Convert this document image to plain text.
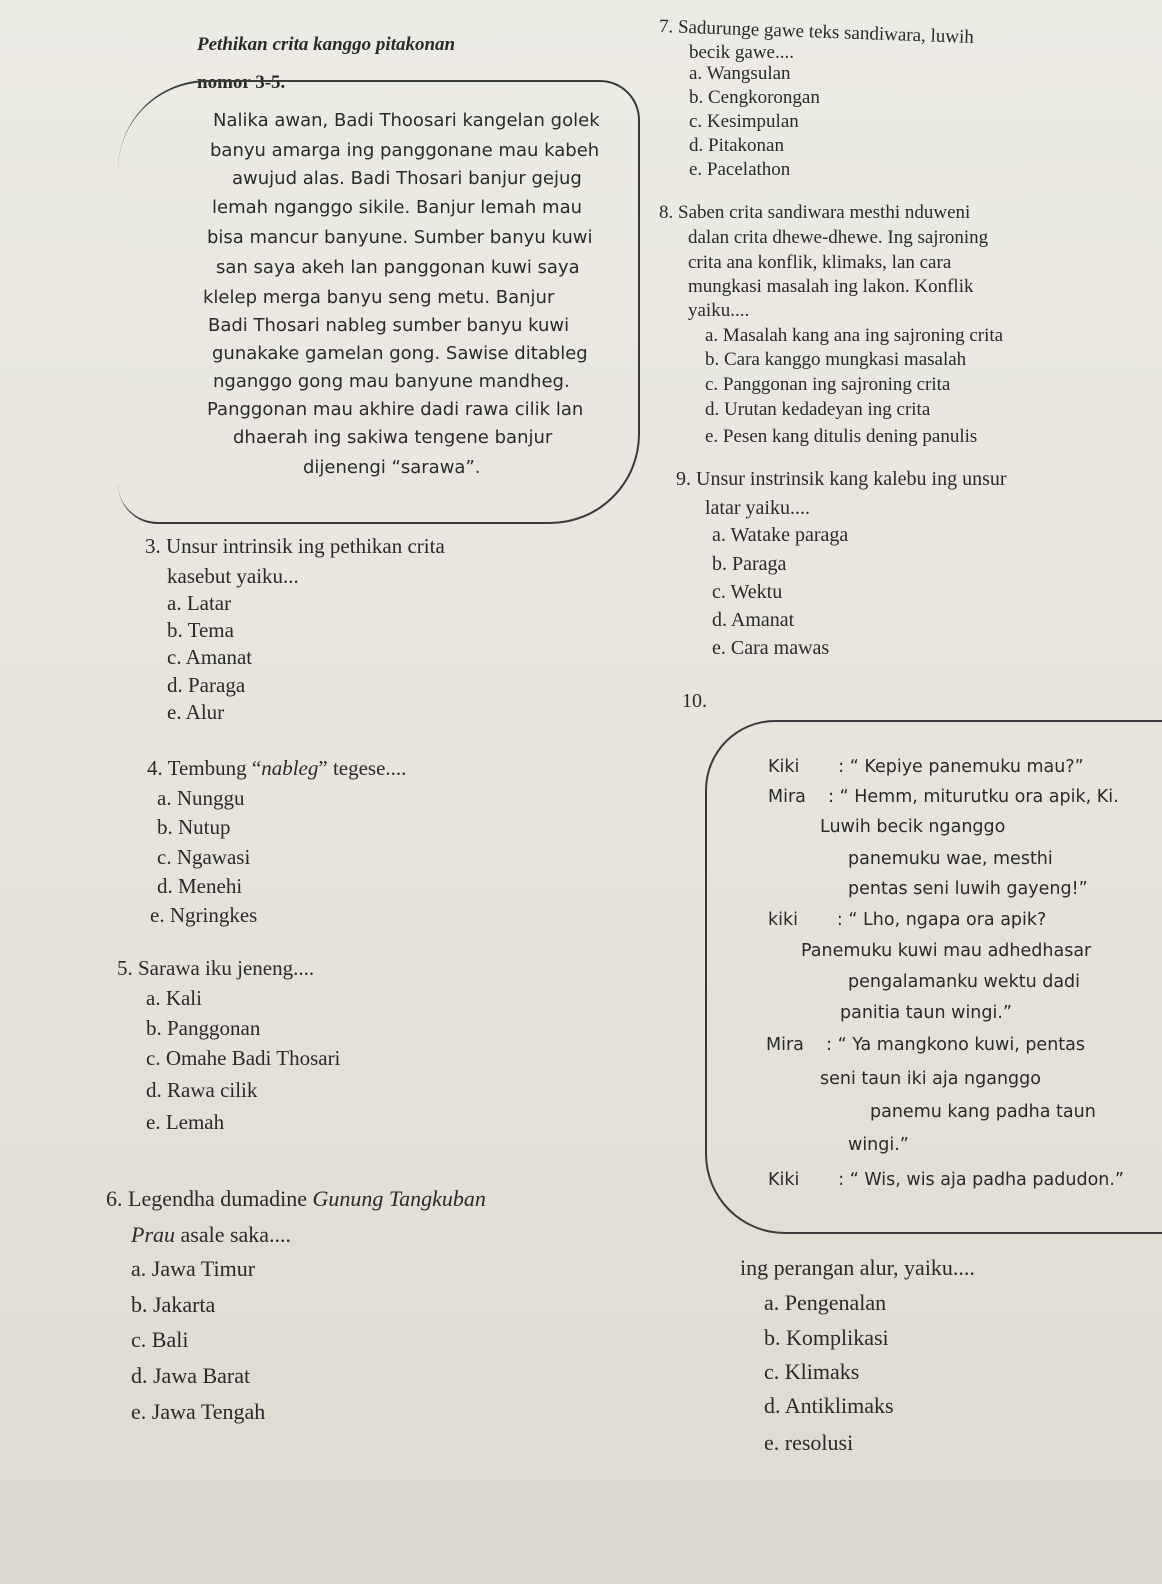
Pethikan crita kanggo pitakonan
nomor 3-5.
Nalika awan, Badi Thoosari kangelan golek
banyu amarga ing panggonane mau kabeh
awujud alas. Badi Thosari banjur gejug
lemah nganggo sikile. Banjur lemah mau
bisa mancur banyune. Sumber banyu kuwi
san saya akeh lan panggonan kuwi saya
klelep merga banyu seng metu. Banjur
Badi Thosari nableg sumber banyu kuwi
gunakake gamelan gong. Sawise ditableg
nganggo gong mau banyune mandheg.
Panggonan mau akhire dadi rawa cilik lan
dhaerah ing sakiwa tengene banjur
dijenengi “sarawa”.
3. Unsur intrinsik ing pethikan crita
kasebut yaiku...
a. Latar
b. Tema
c. Amanat
d. Paraga
e. Alur
4. Tembung “nableg” tegese....
a. Nunggu
b. Nutup
c. Ngawasi
d. Menehi
e. Ngringkes
5. Sarawa iku jeneng....
a. Kali
b. Panggonan
c. Omahe Badi Thosari
d. Rawa cilik
e. Lemah
6. Legendha dumadine Gunung Tangkuban
Prau asale saka....
a. Jawa Timur
b. Jakarta
c. Bali
d. Jawa Barat
e. Jawa Tengah
7. Sadurunge gawe teks sandiwara, luwih
becik gawe....
a. Wangsulan
b. Cengkorongan
c. Kesimpulan
d. Pitakonan
e. Pacelathon
8. Saben crita sandiwara mesthi nduweni
dalan crita dhewe-dhewe. Ing sajroning
crita ana konflik, klimaks, lan cara
mungkasi masalah ing lakon. Konflik
yaiku....
a. Masalah kang ana ing sajroning crita
b. Cara kanggo mungkasi masalah
c. Panggonan ing sajroning crita
d. Urutan kedadeyan ing crita
e. Pesen kang ditulis dening panulis
9. Unsur instrinsik kang kalebu ing unsur
latar yaiku....
a. Watake paraga
b. Paraga
c. Wektu
d. Amanat
e. Cara mawas
10.
Kiki       : “ Kepiye panemuku mau?”
Mira    : “ Hemm, miturutku ora apik, Ki.
Luwih becik nganggo
panemuku wae, mesthi
pentas seni luwih gayeng!”
kiki       : “ Lho, ngapa ora apik?
Panemuku kuwi mau adhedhasar
pengalamanku wektu dadi
panitia taun wingi.”
Mira    : “ Ya mangkono kuwi, pentas
seni taun iki aja nganggo
panemu kang padha taun
wingi.”
Kiki       : “ Wis, wis aja padha padudon.”
ing perangan alur, yaiku....
a. Pengenalan
b. Komplikasi
c. Klimaks
d. Antiklimaks
e. resolusi
